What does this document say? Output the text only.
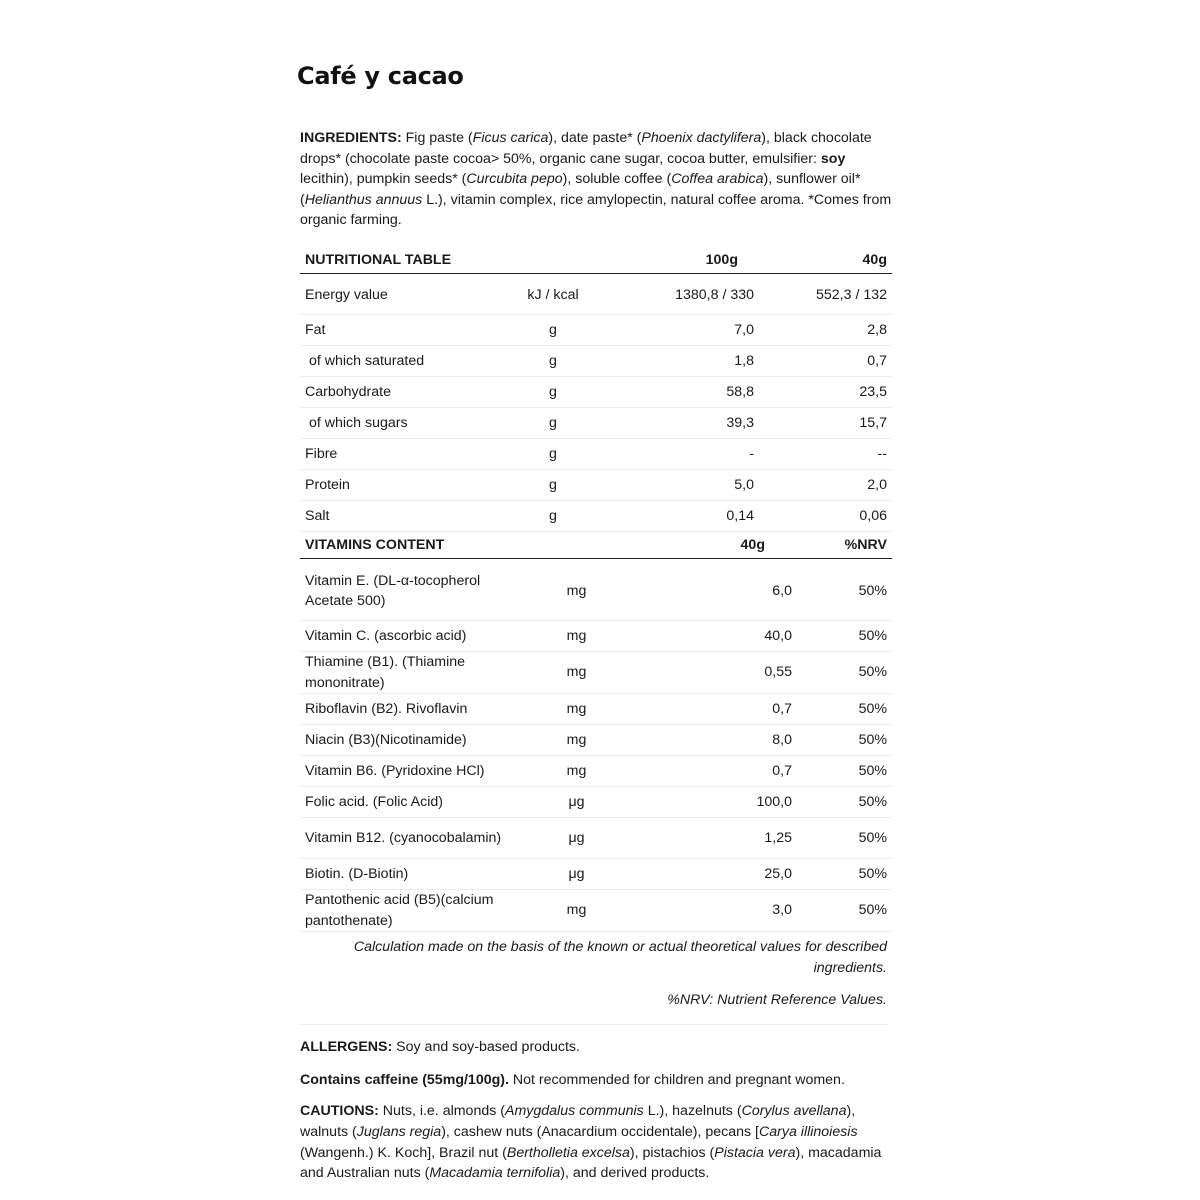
Café y cacao

INGREDIENTS: Fig paste (Ficus carica), date paste* (Phoenix dactylifera), black chocolate drops* (chocolate paste cocoa> 50%, organic cane sugar, cocoa butter, emulsifier: soy lecithin), pumpkin seeds* (Curcubita pepo), soluble coffee (Coffea arabica), sunflower oil* (Helianthus annuus L.), vitamin complex, rice amylopectin, natural coffee aroma. *Comes from organic farming.

NUTRITIONAL TABLE		100g	40g
Energy value	kJ / kcal	1380,8 / 330	552,3 / 132
Fat	g	7,0	2,8
of which saturated	g	1,8	0,7
Carbohydrate	g	58,8	23,5
of which sugars	g	39,3	15,7
Fibre	g	-	--
Protein	g	5,0	2,0
Salt	g	0,14	0,06
VITAMINS CONTENT		40g	%NRV
Vitamin E. (DL-α-tocopherol Acetate 500)	mg	6,0	50%
Vitamin C. (ascorbic acid)	mg	40,0	50%
Thiamine (B1). (Thiamine mononitrate)	mg	0,55	50%
Riboflavin (B2). Rivoflavin	mg	0,7	50%
Niacin (B3)(Nicotinamide)	mg	8,0	50%
Vitamin B6. (Pyridoxine HCl)	mg	0,7	50%
Folic acid. (Folic Acid)	μg	100,0	50%
Vitamin B12. (cyanocobalamin)	μg	1,25	50%
Biotin. (D-Biotin)	μg	25,0	50%
Pantothenic acid (B5)(calcium pantothenate)	mg	3,0	50%

Calculation made on the basis of the known or actual theoretical values for described ingredients.

%NRV: Nutrient Reference Values.

ALLERGENS: Soy and soy-based products.

Contains caffeine (55mg/100g). Not recommended for children and pregnant women.

CAUTIONS: Nuts, i.e. almonds (Amygdalus communis L.), hazelnuts (Corylus avellana), walnuts (Juglans regia), cashew nuts (Anacardium occidentale), pecans [Carya illinoiesis (Wangenh.) K. Koch], Brazil nut (Bertholletia excelsa), pistachios (Pistacia vera), macadamia and Australian nuts (Macadamia ternifolia), and derived products.
